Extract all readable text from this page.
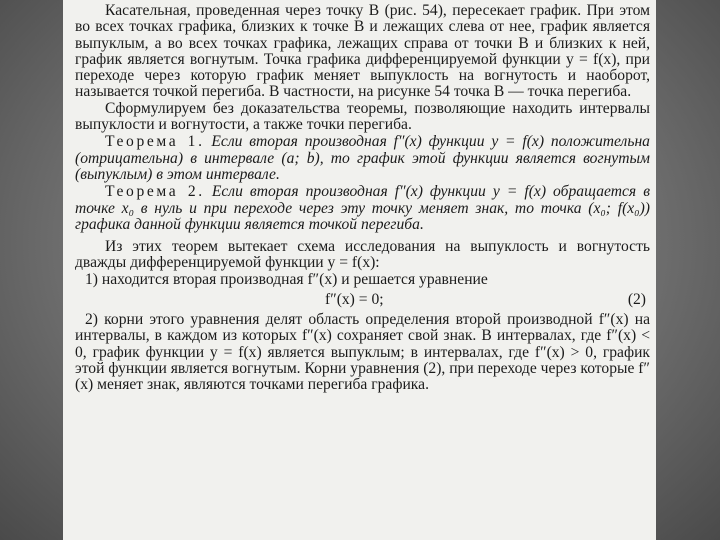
Касательная, проведенная через точку B (рис. 54), пересекает график. При этом во всех точках графика, близких к точке B и лежащих слева от нее, график является выпуклым, а во всех точках графика, лежащих справа от точки B и близких к ней, график является вогнутым. Точка графика дифференцируемой функции y = f(x), при переходе через которую график меняет выпуклость на вогнутость и наоборот, называется точкой перегиба. В частности, на рисунке 54 точка B — точка перегиба.

Сформулируем без доказательства теоремы, позволяющие находить интервалы выпуклости и вогнутости, а также точки перегиба.

Теорема 1. Если вторая производная f″(x) функции y = f(x) положительна (отрицательна) в интервале (a; b), то график этой функции является вогнутым (выпуклым) в этом интервале.

Теорема 2. Если вторая производная f″(x) функции y = f(x) обращается в точке x₀ в нуль и при переходе через эту точку меняет знак, то точка (x₀; f(x₀)) графика данной функции является точкой перегиба.

Из этих теорем вытекает схема исследования на выпуклость и вогнутость дважды дифференцируемой функции y = f(x):

1) находится вторая производная f″(x) и решается уравнение

f″(x) = 0;	(2)

2) корни этого уравнения делят область определения второй производной f″(x) на интервалы, в каждом из которых f″(x) сохраняет свой знак. В интервалах, где f″(x) < 0, график функции y = f(x) является выпуклым; в интервалах, где f″(x) > 0, график этой функции является вогнутым. Корни уравнения (2), при переходе через которые f″(x) меняет знак, являются точками перегиба графика.
